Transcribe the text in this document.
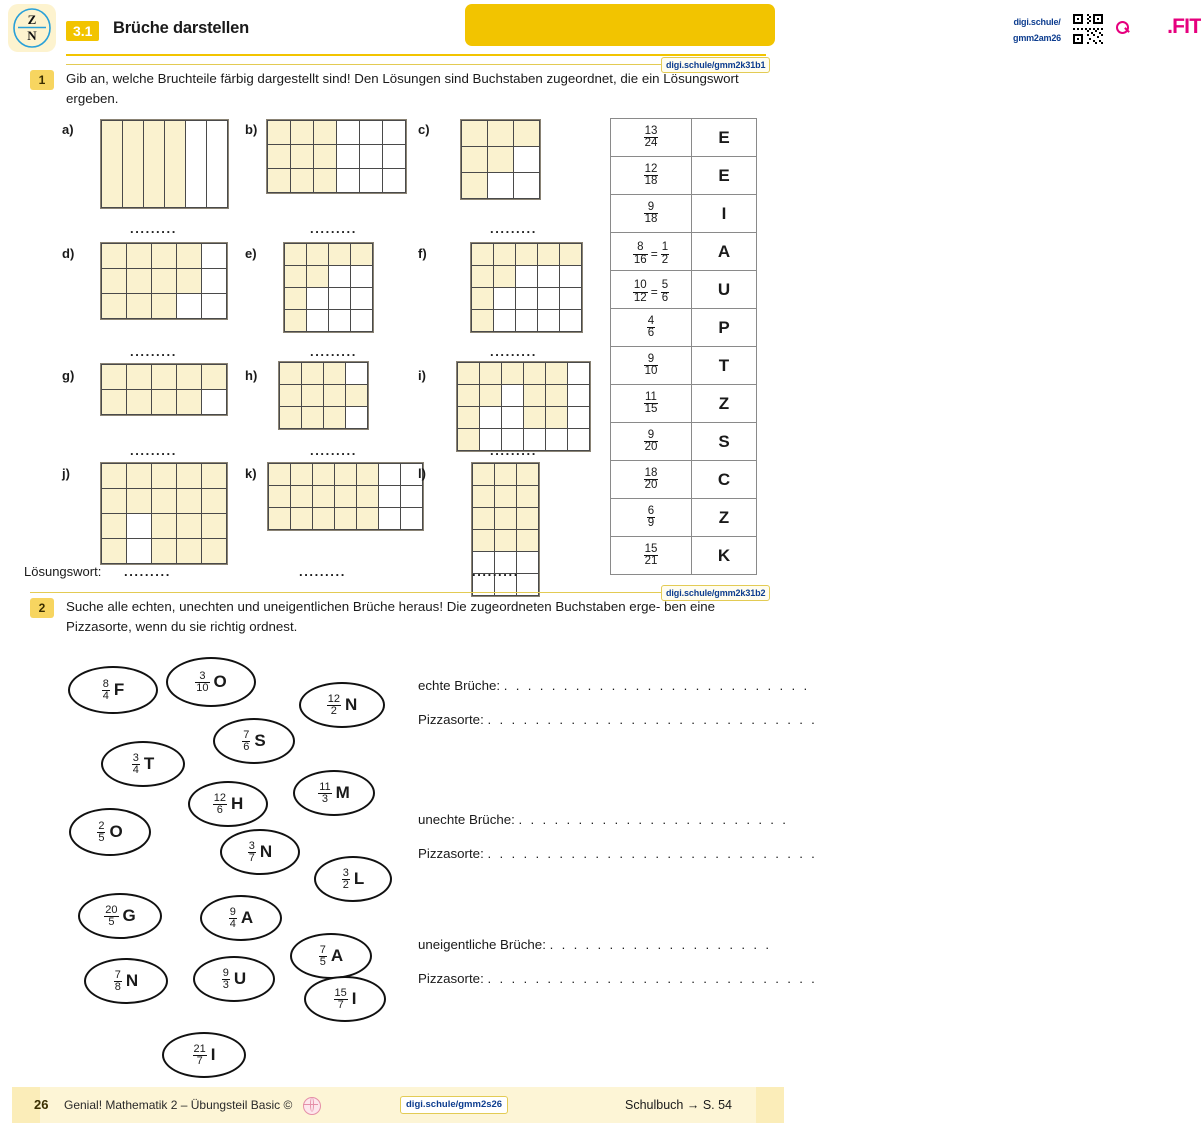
Z
N	3.1	Brüche darstellen	online –
Beispiele
digi.schule/
gmm2am26	digi.FIT
digi.schule/gmm2k31b1
1	Gib an, welche Bruchteile färbig dargestellt sind! Den Lösungen sind Buchstaben zugeordnet, die ein Lösungswort ergeben.
a)
						b)

						c)

d)
.........

e)
.........

f)
.........

g)
.........

h)
.........

i)
.........

j)
.........

k)
.........

l)
.........

$\frac{13}{24}$	E

$\frac{12}{18}$	E

$\frac{9}{18}$	I

$\frac{8}{16} = \frac{1}{2}$	A

$\frac{10}{12} = \frac{5}{6}$	U

$\frac{4}{6}$	P

$\frac{9}{10}$	T

$\frac{11}{15}$	Z

$\frac{9}{20}$	S

$\frac{18}{20}$	C

$\frac{6}{9}$	Z

$\frac{15}{21}$	K
Lösungswort: .........	.........	.........
digi.schule/gmm2k31b2
2	Suche alle echten, unechten und uneigentlichen Brüche heraus! Die zugeordneten Buchstaben erge- ben eine Pizzasorte, wenn du sie richtig ordnest.
$\frac{8}{4}$ F	$\frac{3}{10}$ O
$\frac{12}{2}$ N
$\frac{7}{6}$ S
$\frac{3}{4}$ T
$\frac{12}{6}$ H	$\frac{11}{3}$ M
$\frac{2}{5}$ O
$\frac{3}{7}$ N
$\frac{3}{2}$ L
$\frac{20}{5}$ G	$\frac{9}{4}$ A
$\frac{7}{5}$ A
$\frac{9}{3}$ U
$\frac{7}{8}$ N
$\frac{15}{7}$ I
$\frac{21}{7}$ I
echte Brüche: . . . . . . . . . . . . . . . . . . . . . . . . . .
Pizzasorte: . . . . . . . . . . . . . . . . . . . . . . . . . . . .
unechte Brüche: . . . . . . . . . . . . . . . . . . . . . . .
Pizzasorte: . . . . . . . . . . . . . . . . . . . . . . . . . . . .
uneigentliche Brüche: . . . . . . . . . . . . . . . . . . .
Pizzasorte: . . . . . . . . . . . . . . . . . . . . . . . . . . . .
26 Genial! Mathematik 2 – Übungsteil Basic ©	digi.schule/gmm2s26	Schulbuch → S. 54
